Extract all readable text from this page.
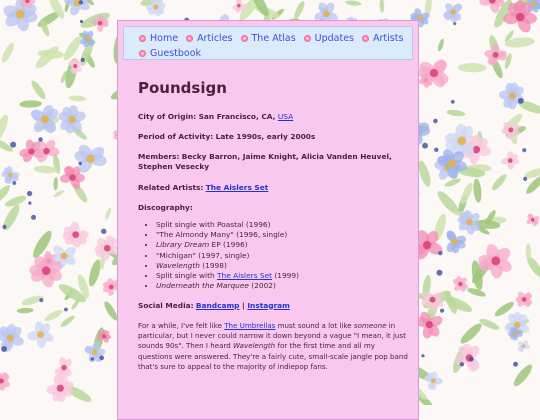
Home Articles The Atlas Updates Artists
Guestbook
Poundsign

City of Origin: San Francisco, CA, USA

Period of Activity: Late 1990s, early 2000s

Members: Becky Barron, Jaime Knight, Alicia Vanden Heuvel, Stephen Vesecky

Related Artists: The Aislers Set

Discography:

• Split single with Poastal (1996)
• "The Almondy Many" (1996, single)
• Library Dream EP (1996)
• "Michigan" (1997, single)
• Wavelength (1998)
• Split single with The Aislers Set (1999)
• Underneath the Marquee (2002)

Social Media: Bandcamp | Instagram

For a while, I've felt like The Umbrellas must sound a lot like someone in particular, but I never could narrow it down beyond a vague "I mean, it just sounds 90s". Then I heard Wavelength for the first time and all my questions were answered. They're a fairly cute, small-scale jangle pop band that's sure to appeal to the majority of indiepop fans.
